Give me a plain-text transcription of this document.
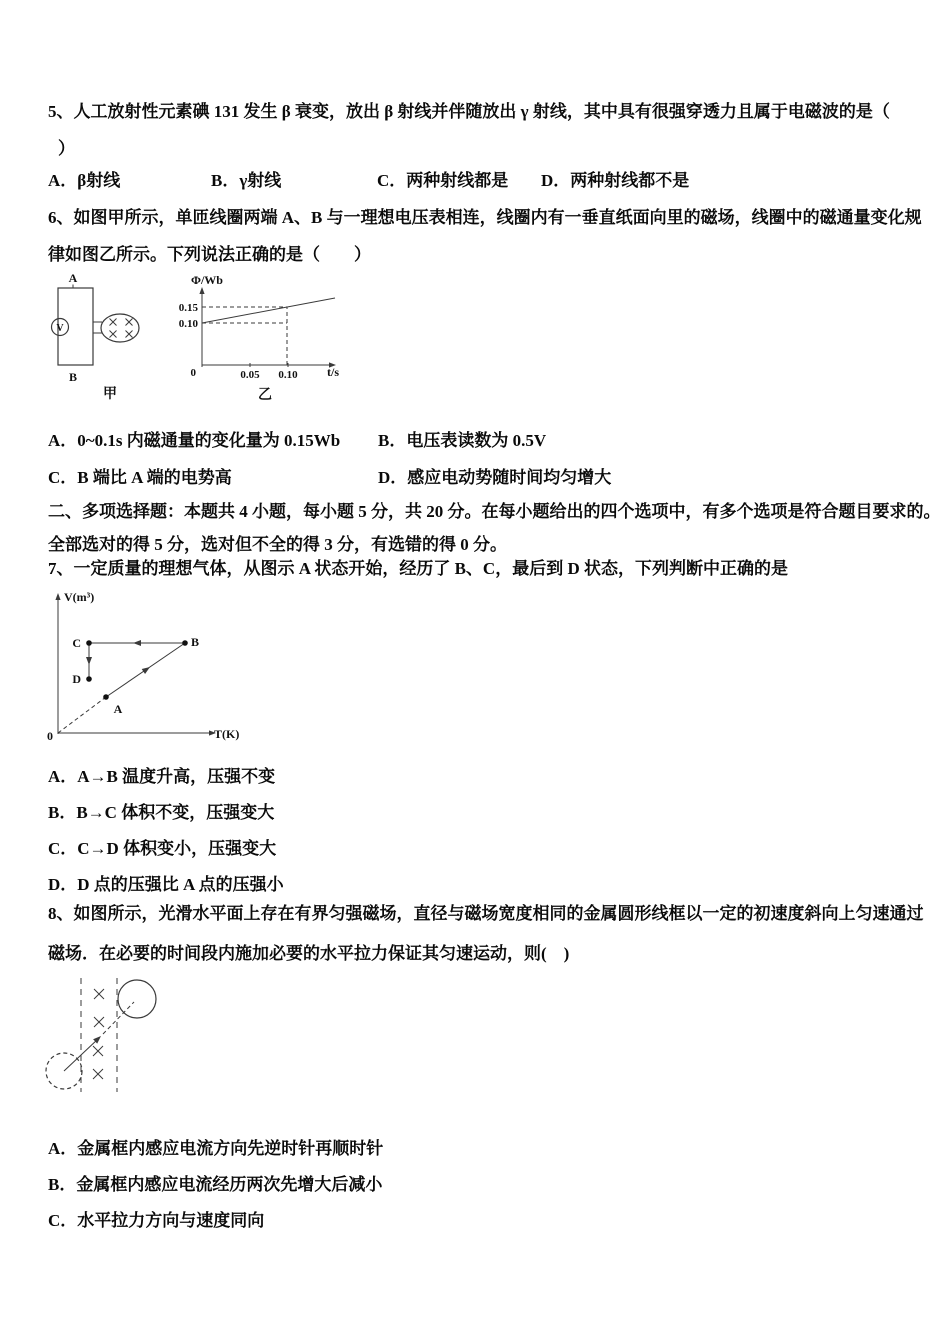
5、人工放射性元素碘 131 发生 β 衰变，放出 β 射线并伴随放出 γ 射线，其中具有很强穿透力且属于电磁波的是（
）
A．β射线	B．γ射线	C．两种射线都是 D．两种射线都不是
6、如图甲所示，单匝线圈两端 A、B 与一理想电压表相连，线圈内有一垂直纸面向里的磁场，线圈中的磁通量变化规
律如图乙所示。下列说法正确的是（　　）
A
B
V
甲
Φ/Wb
t/s
0.15
0.10
0	0.05 0.10
乙
A．0~0.1s 内磁通量的变化量为 0.15Wb B．电压表读数为 0.5V
C．B 端比 A 端的电势高	D．感应电动势随时间均匀增大
二、多项选择题：本题共 4 小题，每小题 5 分，共 20 分。在每小题给出的四个选项中，有多个选项是符合题目要求的。
全部选对的得 5 分，选对但不全的得 3 分，有选错的得 0 分。
7、一定质量的理想气体，从图示 A 状态开始，经历了 B、C，最后到 D 状态，下列判断中正确的是
V(m³)
T(K)
0
A
B
C
D
A．A→B 温度升高，压强不变
B．B→C 体积不变，压强变大
C．C→D 体积变小，压强变大
D．D 点的压强比 A 点的压强小
8、如图所示，光滑水平面上存在有界匀强磁场，直径与磁场宽度相同的金属圆形线框以一定的初速度斜向上匀速通过
磁场．在必要的时间段内施加必要的水平拉力保证其匀速运动，则(　)
A．金属框内感应电流方向先逆时针再顺时针
B．金属框内感应电流经历两次先增大后减小
C．水平拉力方向与速度同向
